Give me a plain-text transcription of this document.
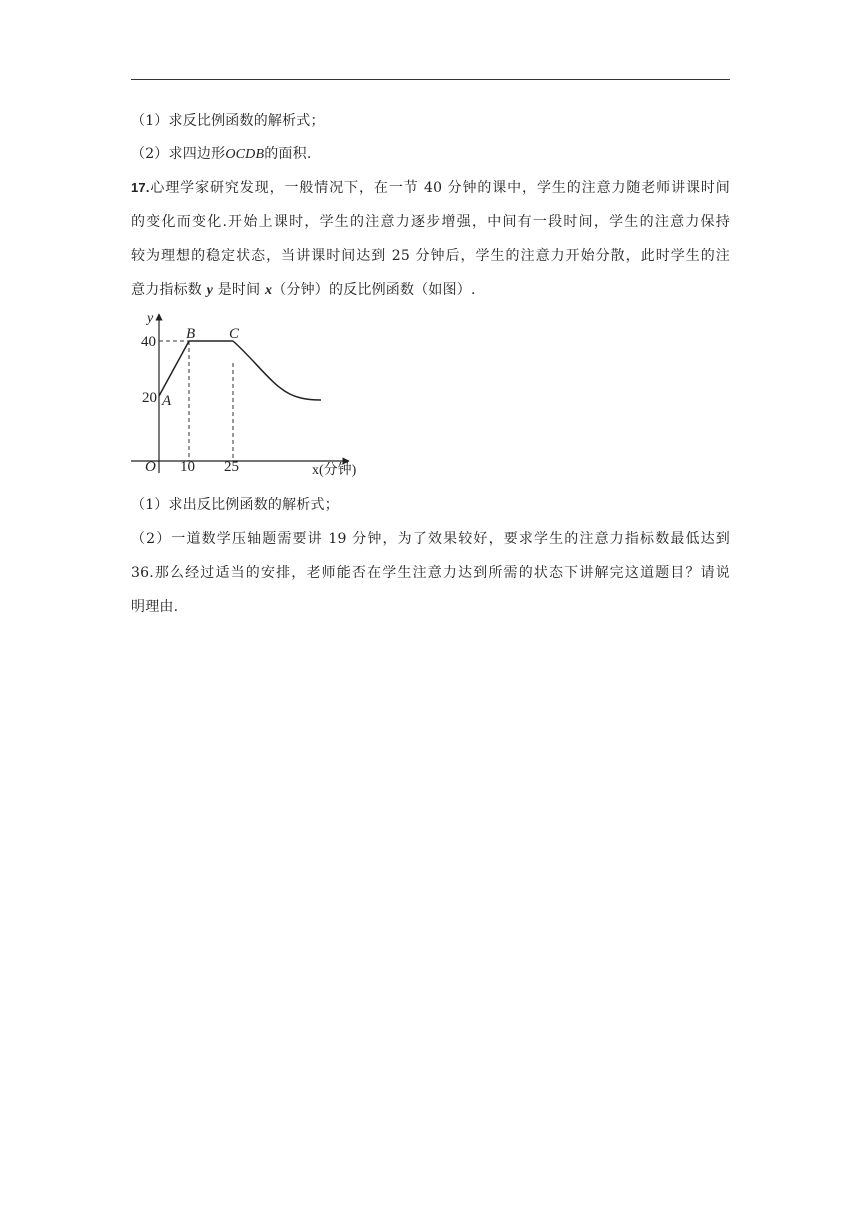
（1）求反比例函数的解析式；
（2）求四边形OCDB的面积.
17.心理学家研究发现，一般情况下，在一节 40 分钟的课中，学生的注意力随老师讲课时间
的变化而变化.开始上课时，学生的注意力逐步增强，中间有一段时间，学生的注意力保持
较为理想的稳定状态，当讲课时间达到 25 分钟后，学生的注意力开始分散，此时学生的注
意力指标数 y 是时间 x（分钟）的反比例函数（如图）.
y
40
20 A
B C
O 10 25	x(分钟)
（1）求出反比例函数的解析式；
（2）一道数学压轴题需要讲 19 分钟，为了效果较好，要求学生的注意力指标数最低达到
36.那么经过适当的安排，老师能否在学生注意力达到所需的状态下讲解完这道题目？请说
明理由.
